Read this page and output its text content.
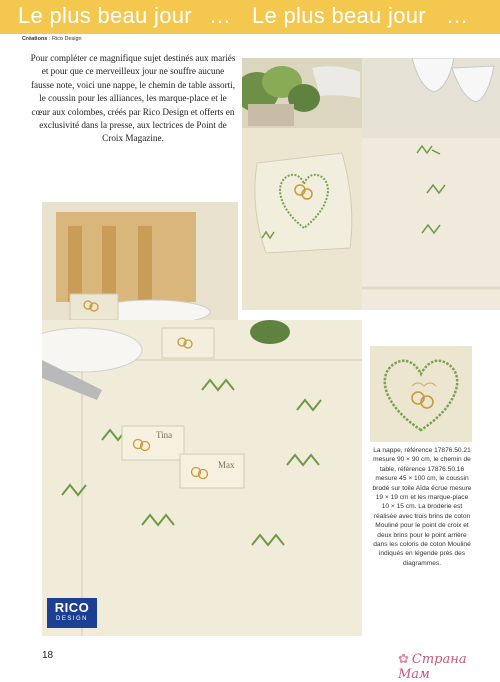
Le plus beau jour … Le plus beau jour …
Créations : Rico Design

Pour compléter ce magnifique sujet destinés aux mariés et pour que ce merveilleux jour ne souffre aucune fausse note, voici une nappe, le chemin de table assorti, le coussin pour les alliances, les marque-place et le cœur aux colombes, créés par Rico Design et offerts en exclusivité dans la presse, aux lectrices de Point de Croix Magazine.

Tina
Max

La nappe, référence 17876.50.21 mesure 90 × 90 cm, le chemin de table, référence 17876.50.16 mesure 45 × 100 cm, le coussin brodé sur toile Aïda écrue mesure 19 × 19 cm et les marque-place 10 × 15 cm. La broderie est réalisée avec trois brins de coton Mouliné pour le point de croix et deux brins pour le point arrière dans les coloris de coton Mouliné indiqués en légende près des diagrammes.

RICO
DESIGN
18
✿	Страна Мам
